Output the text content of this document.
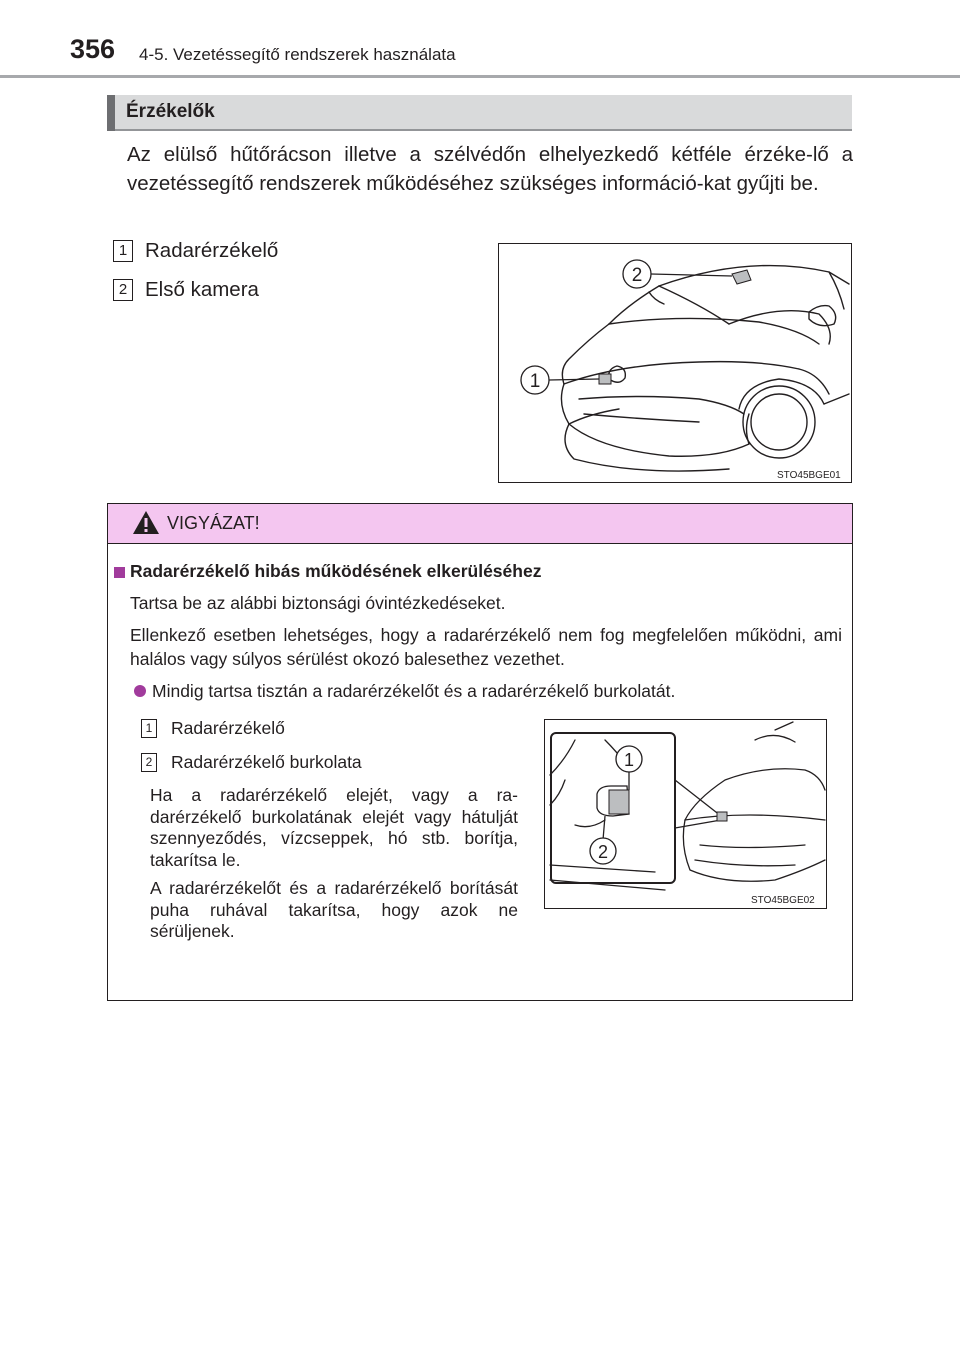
356 4-5. Vezetéssegítő rendszerek használata
Érzékelők
Az elülső hűtőrácson illetve a szélvédőn elhelyezkedő kétféle érzéke-lő a vezetéssegítő rendszerek működéséhez szükséges információ-kat gyűjti be.
1 Radarérzékelő
2 Első kamera
2
1
STO45BGE01
VIGYÁZAT!
Radarérzékelő hibás működésének elkerüléséhez
Tartsa be az alábbi biztonsági óvintézkedéseket.
Ellenkező esetben lehetséges, hogy a radarérzékelő nem fog megfelelően működni, ami halálos vagy súlyos sérülést okozó balesethez vezethet.
Mindig tartsa tisztán a radarérzékelőt és a radarérzékelő burkolatát.
1 Radarérzékelő
2 Radarérzékelő burkolata
Ha a radarérzékelő elejét, vagy a ra-darérzékelő burkolatának elejét vagy hátulját szennyeződés, vízcseppek, hó stb. borítja, takarítsa le.
A radarérzékelőt és a radarérzékelő borítását puha ruhával takarítsa, hogy azok ne sérüljenek.
1
2
STO45BGE02
